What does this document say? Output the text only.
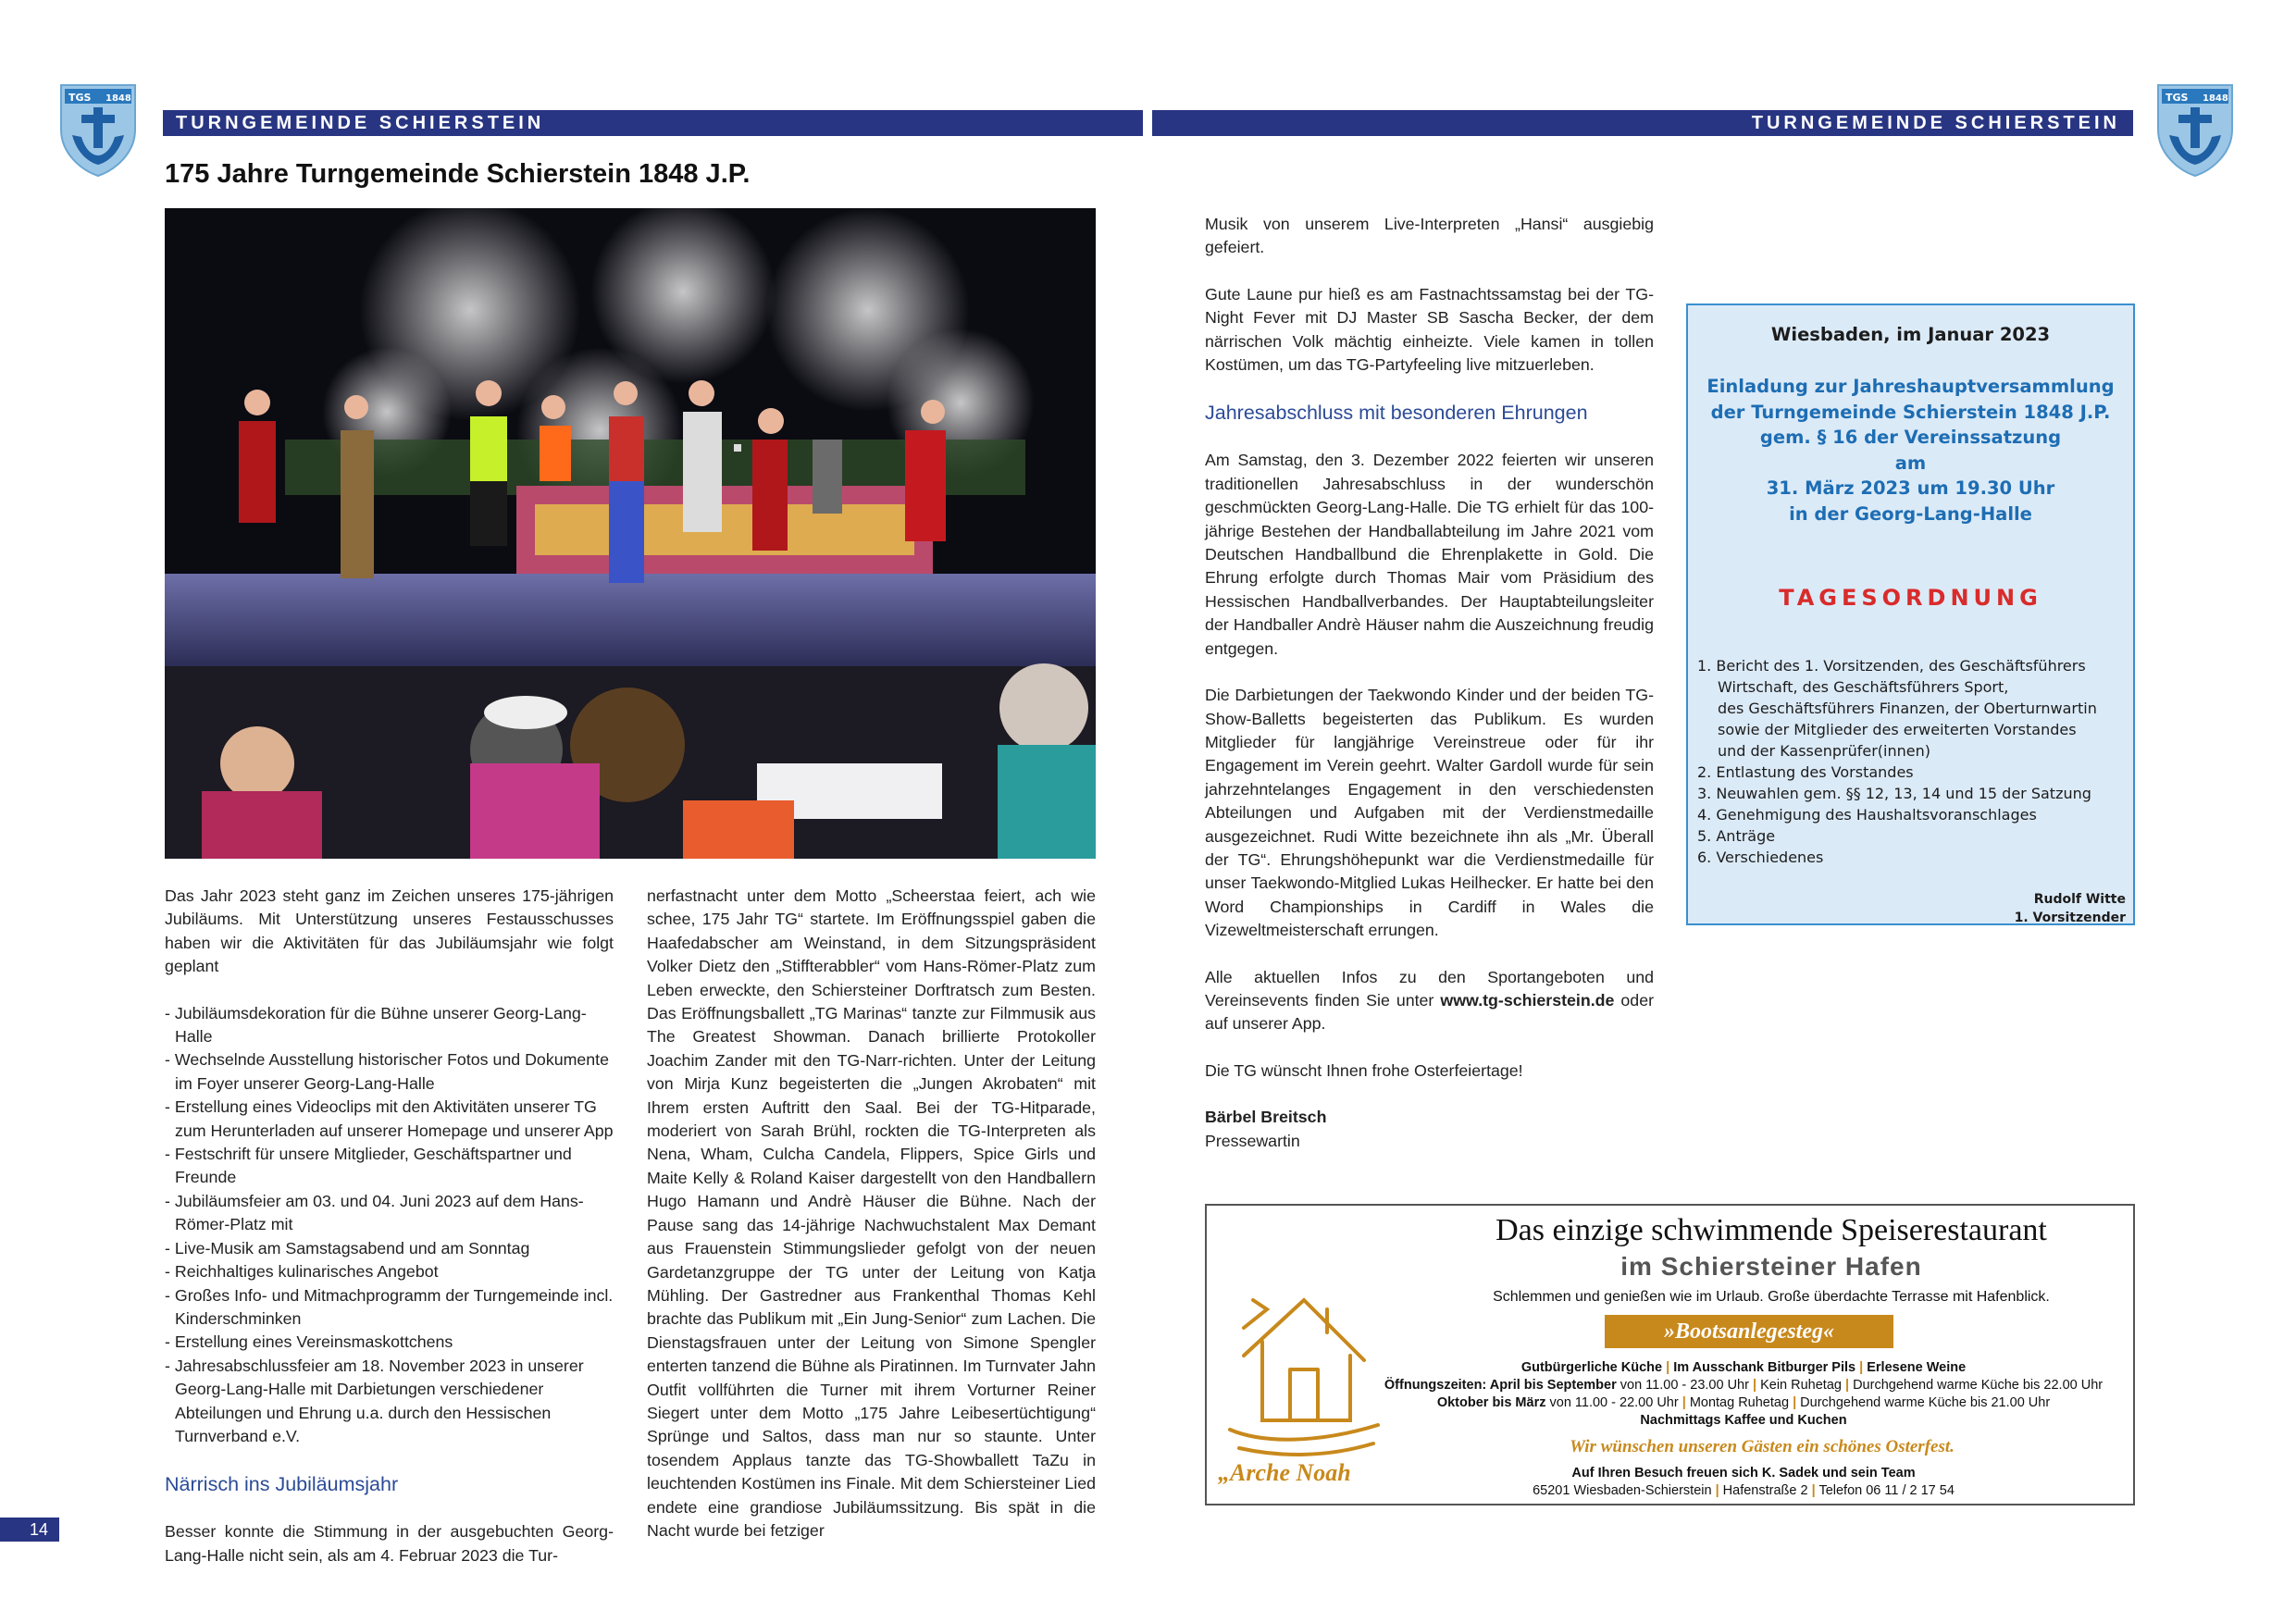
TGS 1848	TGS 1848
TURNGEMEINDE SCHIERSTEIN	TURNGEMEINDE SCHIERSTEIN
175 Jahre Turngemeinde Schierstein 1848 J.P.

Das Jahr 2023 steht ganz im Zeichen unseres 175-jährigen Jubiläums. Mit Unterstützung unseres Festausschusses haben wir die Aktivitäten für das Jubiläumsjahr wie folgt geplant

- Jubiläumsdekoration für die Bühne unserer Georg-Lang-Halle
- Wechselnde Ausstellung historischer Fotos und Dokumente im Foyer unserer Georg-Lang-Halle
- Erstellung eines Videoclips mit den Aktivitäten unserer TG zum Herunterladen auf unserer Homepage und unserer App
- Festschrift für unsere Mitglieder, Geschäftspartner und Freunde
- Jubiläumsfeier am 03. und 04. Juni 2023 auf dem Hans-Römer-Platz mit
- Live-Musik am Samstagsabend und am Sonntag
- Reichhaltiges kulinarisches Angebot
- Großes Info- und Mitmachprogramm der Turngemeinde incl. Kinderschminken
- Erstellung eines Vereinsmaskottchens
- Jahresabschlussfeier am 18. November 2023 in unserer Georg-Lang-Halle mit Darbietungen verschiedener Abteilungen und Ehrung u.a. durch den Hessischen Turnverband e.V.
Närrisch ins Jubiläumsjahr

Besser konnte die Stimmung in der ausgebuchten Georg-Lang-Halle nicht sein, als am 4. Februar 2023 die Tur-

nerfastnacht unter dem Motto „Scheerstaa feiert, ach wie schee, 175 Jahr TG“ startete. Im Eröffnungsspiel gaben die Haafedabscher am Weinstand, in dem Sitzungspräsident Volker Dietz den „Stiffterabbler“ vom Hans-Römer-Platz zum Leben erweckte, den Schiersteiner Dorftratsch zum Besten. Das Eröffnungsballett „TG Marinas“ tanzte zur Filmmusik aus The Greatest Showman. Danach brillierte Protokoller Joachim Zander mit den TG-Narr-richten. Unter der Leitung von Mirja Kunz begeisterten die „Jungen Akrobaten“ mit Ihrem ersten Auftritt den Saal. Bei der TG-Hitparade, moderiert von Sarah Brühl, rockten die TG-Interpreten als Nena, Wham, Culcha Candela, Flippers, Spice Girls und Maite Kelly & Roland Kaiser dargestellt von den Handballern Hugo Hamann und Andrè Häuser die Bühne. Nach der Pause sang das 14-jährige Nachwuchstalent Max Demant aus Frauenstein Stimmungslieder gefolgt von der neuen Gardetanzgruppe der TG unter der Leitung von Katja Mühling. Der Gastredner aus Frankenthal Thomas Kehl brachte das Publikum mit „Ein Jung-Senior“ zum Lachen. Die Dienstagsfrauen unter der Leitung von Simone Spengler enterten tanzend die Bühne als Piratinnen. Im Turnvater Jahn Outfit vollführten die Turner mit ihrem Vorturner Reiner Siegert unter dem Motto „175 Jahre Leibesertüchtigung“ Sprünge und Saltos, dass man nur so staunte. Unter tosendem Applaus tanzte das TG-Showballett TaZu in leuchtenden Kostümen ins Finale. Mit dem Schiersteiner Lied endete eine grandiose Jubiläumssitzung. Bis spät in die Nacht wurde bei fetziger

Musik von unserem Live-Interpreten „Hansi“ ausgiebig gefeiert.

Gute Laune pur hieß es am Fastnachtssamstag bei der TG-Night Fever mit DJ Master SB Sascha Becker, der dem närrischen Volk mächtig einheizte. Viele kamen in tollen Kostümen, um das TG-Partyfeeling live mitzuerleben.

Jahresabschluss mit besonderen Ehrungen

Am Samstag, den 3. Dezember 2022 feierten wir unseren traditionellen Jahresabschluss in der wunderschön geschmückten Georg-Lang-Halle. Die TG erhielt für das 100-jährige Bestehen der Handballabteilung im Jahre 2021 vom Deutschen Handballbund die Ehrenplakette in Gold. Die Ehrung erfolgte durch Thomas Mair vom Präsidium des Hessischen Handballverbandes. Der Hauptabteilungsleiter der Handballer Andrè Häuser nahm die Auszeichnung freudig entgegen.

Die Darbietungen der Taekwondo Kinder und der beiden TG-Show-Balletts begeisterten das Publikum. Es wurden Mitglieder für langjährige Vereinstreue oder für ihr Engagement im Verein geehrt. Walter Gardoll wurde für sein jahrzehntelanges Engagement in den verschiedensten Abteilungen und Aufgaben mit der Verdienstmedaille ausgezeichnet. Rudi Witte bezeichnete ihn als „Mr. Überall der TG“. Ehrungshöhepunkt war die Verdienstmedaille für unser Taekwondo-Mitglied Lukas Heilhecker. Er hatte bei den Word Championships in Cardiff in Wales die Vizeweltmeisterschaft errungen.

Alle aktuellen Infos zu den Sportangeboten und Vereinsevents finden Sie unter www.tg-schierstein.de oder auf unserer App.

Die TG wünscht Ihnen frohe Osterfeiertage!

Bärbel Breitsch
Pressewartin
Wiesbaden, im Januar 2023
Einladung zur Jahreshauptversammlung
der Turngemeinde Schierstein 1848 J.P.
gem. § 16 der Vereinssatzung
am
31. März 2023 um 19.30 Uhr
in der Georg-Lang-Halle
TAGESORDNUNG
1. Bericht des 1. Vorsitzenden, des Geschäftsführers
Wirtschaft, des Geschäftsführers Sport,
des Geschäftsführers Finanzen, der Oberturnwartin
sowie der Mitglieder des erweiterten Vorstandes
und der Kassenprüfer(innen)
2. Entlastung des Vorstandes
3. Neuwahlen gem. §§ 12, 13, 14 und 15 der Satzung
4. Genehmigung des Haushaltsvoranschlages
5. Anträge
6. Verschiedenes
Rudolf Witte
1. Vorsitzender
„Arche Noah
Das einzige schwimmende Speiserestaurant
im Schiersteiner Hafen
Schlemmen und genießen wie im Urlaub. Große überdachte Terrasse mit Hafenblick.
»Bootsanlegesteg«
Gutbürgerliche Küche | Im Ausschank Bitburger Pils | Erlesene Weine
Öffnungszeiten: April bis September von 11.00 - 23.00 Uhr | Kein Ruhetag | Durchgehend warme Küche bis 22.00 Uhr
Oktober bis März von 11.00 - 22.00 Uhr | Montag Ruhetag | Durchgehend warme Küche bis 21.00 Uhr
Nachmittags Kaffee und Kuchen
Wir wünschen unseren Gästen ein schönes Osterfest.
Auf Ihren Besuch freuen sich K. Sadek und sein Team
65201 Wiesbaden-Schierstein | Hafenstraße 2 | Telefon 06 11 / 2 17 54
14
